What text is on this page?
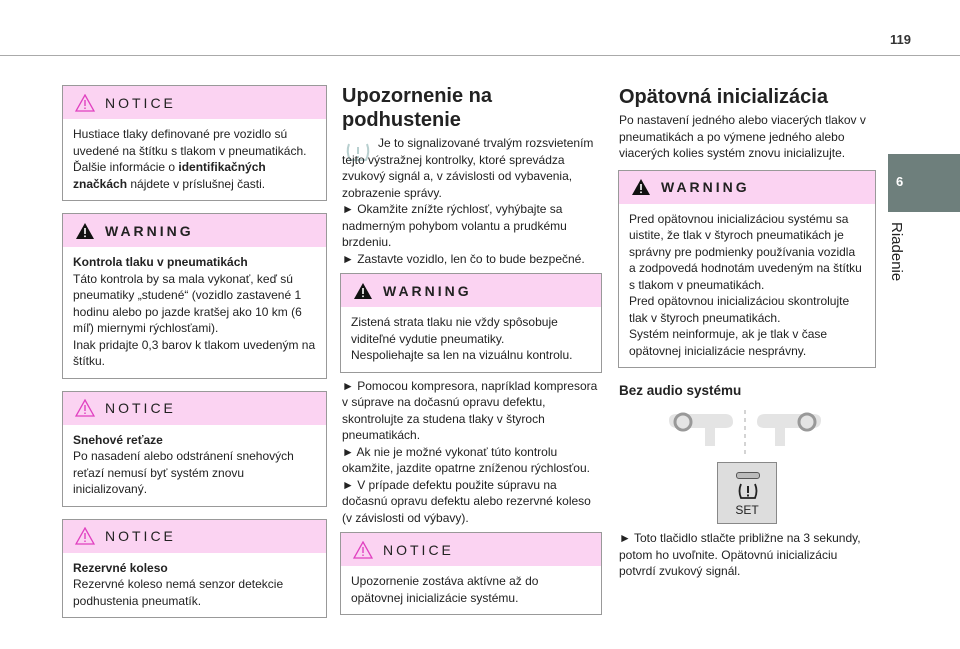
119
6
Riadenie
NOTICE
Hustiace tlaky definované pre vozidlo sú uvedené na štítku s tlakom v pneumatikách. Ďalšie informácie o identifikačných značkách nájdete v príslušnej časti.
WARNING
Kontrola tlaku v pneumatikách
Táto kontrola by sa mala vykonať, keď sú pneumatiky „studené“ (vozidlo zastavené 1 hodinu alebo po jazde kratšej ako 10 km (6 míľ) miernymi rýchlosťami).
Inak pridajte 0,3 barov k tlakom uvedeným na štítku.
NOTICE
Snehové reťaze
Po nasadení alebo odstránení snehových reťazí nemusí byť systém znovu inicializovaný.
NOTICE
Rezervné koleso
Rezervné koleso nemá senzor detekcie podhustenia pneumatík.
Upozornenie na podhustenie
Je to signalizované trvalým rozsvietením tejto výstražnej kontrolky, ktoré sprevádza zvukový signál a, v závislosti od vybavenia, zobrazenie správy.
► Okamžite znížte rýchlosť, vyhýbajte sa nadmerným pohybom volantu a prudkému brzdeniu.
► Zastavte vozidlo, len čo to bude bezpečné.
WARNING
Zistená strata tlaku nie vždy spôsobuje viditeľné vydutie pneumatiky.
Nespoliehajte sa len na vizuálnu kontrolu.
► Pomocou kompresora, napríklad kompresora v súprave na dočasnú opravu defektu, skontrolujte za studena tlaky v štyroch pneumatikách.
► Ak nie je možné vykonať túto kontrolu okamžite, jazdite opatrne zníženou rýchlosťou.
► V prípade defektu použite súpravu na dočasnú opravu defektu alebo rezervné koleso (v závislosti od výbavy).
NOTICE
Upozornenie zostáva aktívne až do opätovnej inicializácie systému.
Opätovná inicializácia
Po nastavení jedného alebo viacerých tlakov v pneumatikách a po výmene jedného alebo viacerých kolies systém znovu inicializujte.
WARNING
Pred opätovnou inicializáciou systému sa uistite, že tlak v štyroch pneumatikách je správny pre podmienky používania vozidla a zodpovedá hodnotám uvedeným na štítku s tlakom v pneumatikách.
Pred opätovnou inicializáciou skontrolujte tlak v štyroch pneumatikách.
Systém neinformuje, ak je tlak v čase opätovnej inicializácie nesprávny.
Bez audio systému
SET
► Toto tlačidlo stlačte približne na 3 sekundy, potom ho uvoľnite. Opätovnú inicializáciu potvrdí zvukový signál.
